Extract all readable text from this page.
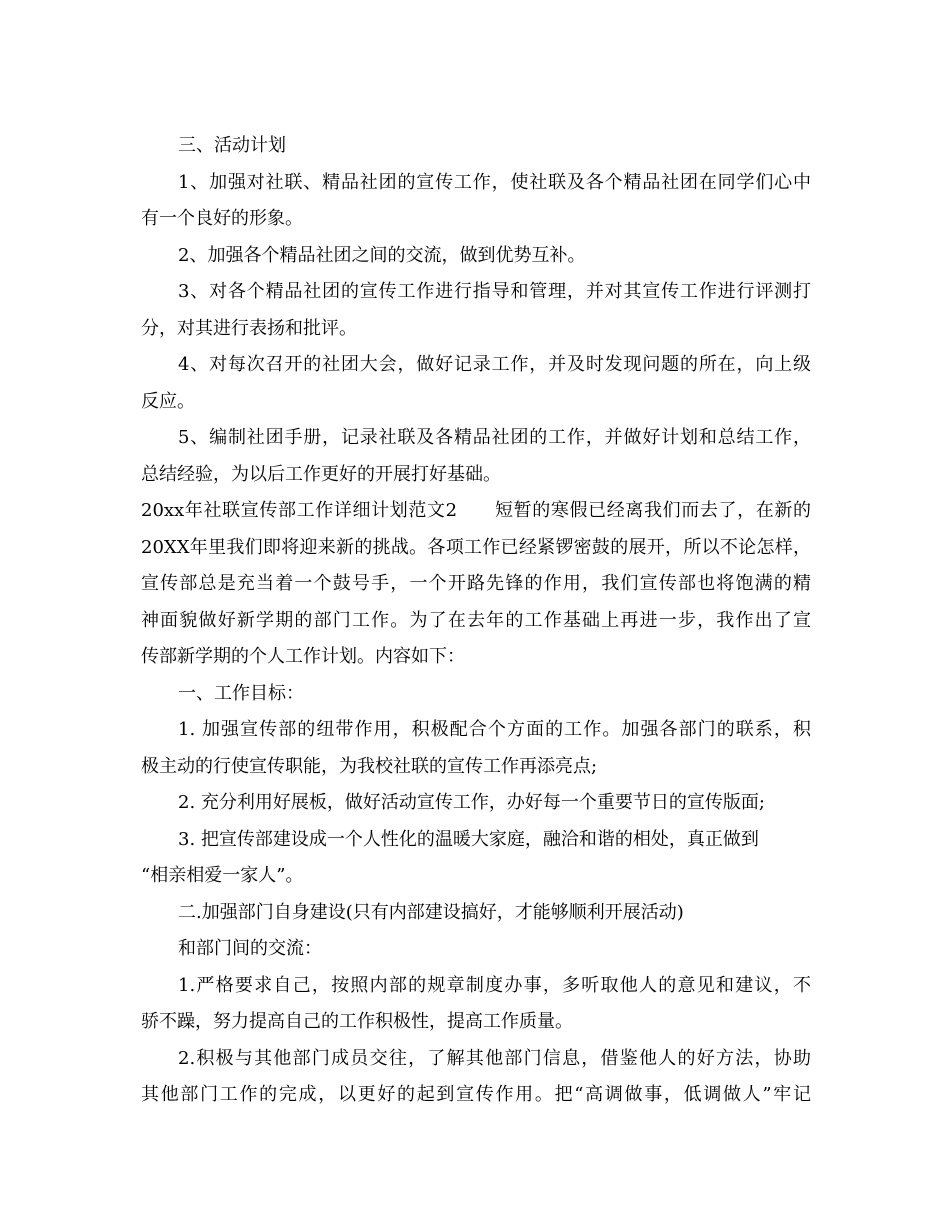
三、活动计划
1、加强对社联、精品社团的宣传工作，使社联及各个精品社团在同学们心中
有一个良好的形象。
2、加强各个精品社团之间的交流，做到优势互补。
3、对各个精品社团的宣传工作进行指导和管理，并对其宣传工作进行评测打
分，对其进行表扬和批评。
4、对每次召开的社团大会，做好记录工作，并及时发现问题的所在，向上级
反应。
5、编制社团手册，记录社联及各精品社团的工作，并做好计划和总结工作，
总结经验，为以后工作更好的开展打好基础。
20xx年社联宣传部工作详细计划范文2　　短暂的寒假已经离我们而去了，在新的
20XX年里我们即将迎来新的挑战。各项工作已经紧锣密鼓的展开，所以不论怎样，
宣传部总是充当着一个鼓号手，一个开路先锋的作用，我们宣传部也将饱满的精
神面貌做好新学期的部门工作。为了在去年的工作基础上再进一步，我作出了宣
传部新学期的个人工作计划。内容如下：
一、工作目标：
1. 加强宣传部的纽带作用，积极配合个方面的工作。加强各部门的联系，积
极主动的行使宣传职能，为我校社联的宣传工作再添亮点;
2. 充分利用好展板，做好活动宣传工作，办好每一个重要节日的宣传版面;
3. 把宣传部建设成一个人性化的温暖大家庭，融洽和谐的相处，真正做到
“相亲相爱一家人”。
二.加强部门自身建设(只有内部建设搞好，才能够顺利开展活动)
和部门间的交流：
1.严格要求自己，按照内部的规章制度办事，多听取他人的意见和建议，不
骄不躁，努力提高自己的工作积极性，提高工作质量。
2.积极与其他部门成员交往，了解其他部门信息，借鉴他人的好方法，协助
其他部门工作的完成，以更好的起到宣传作用。把“高调做事，低调做人”牢记
